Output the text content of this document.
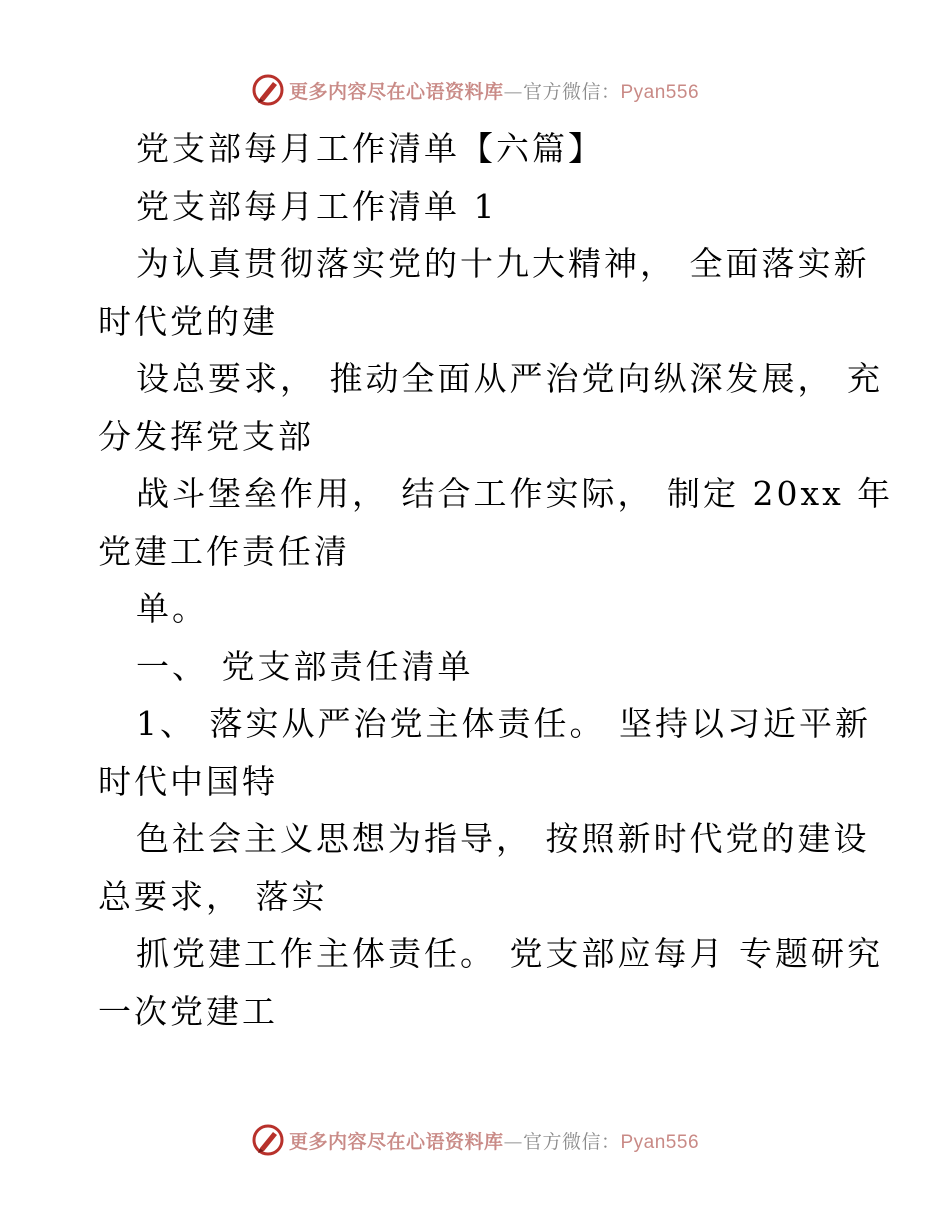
更多内容尽在心语资料库—官方微信：Pyan556
党支部每月工作清单【六篇】
党支部每月工作清单 1
为认真贯彻落实党的十九大精神， 全面落实新
时代党的建
设总要求， 推动全面从严治党向纵深发展， 充
分发挥党支部
战斗堡垒作用， 结合工作实际， 制定 20xx 年
党建工作责任清
单。
一、 党支部责任清单
1、 落实从严治党主体责任。 坚持以习近平新
时代中国特
色社会主义思想为指导， 按照新时代党的建设
总要求， 落实
抓党建工作主体责任。 党支部应每月 专题研究
一次党建工
更多内容尽在心语资料库—官方微信：Pyan556
